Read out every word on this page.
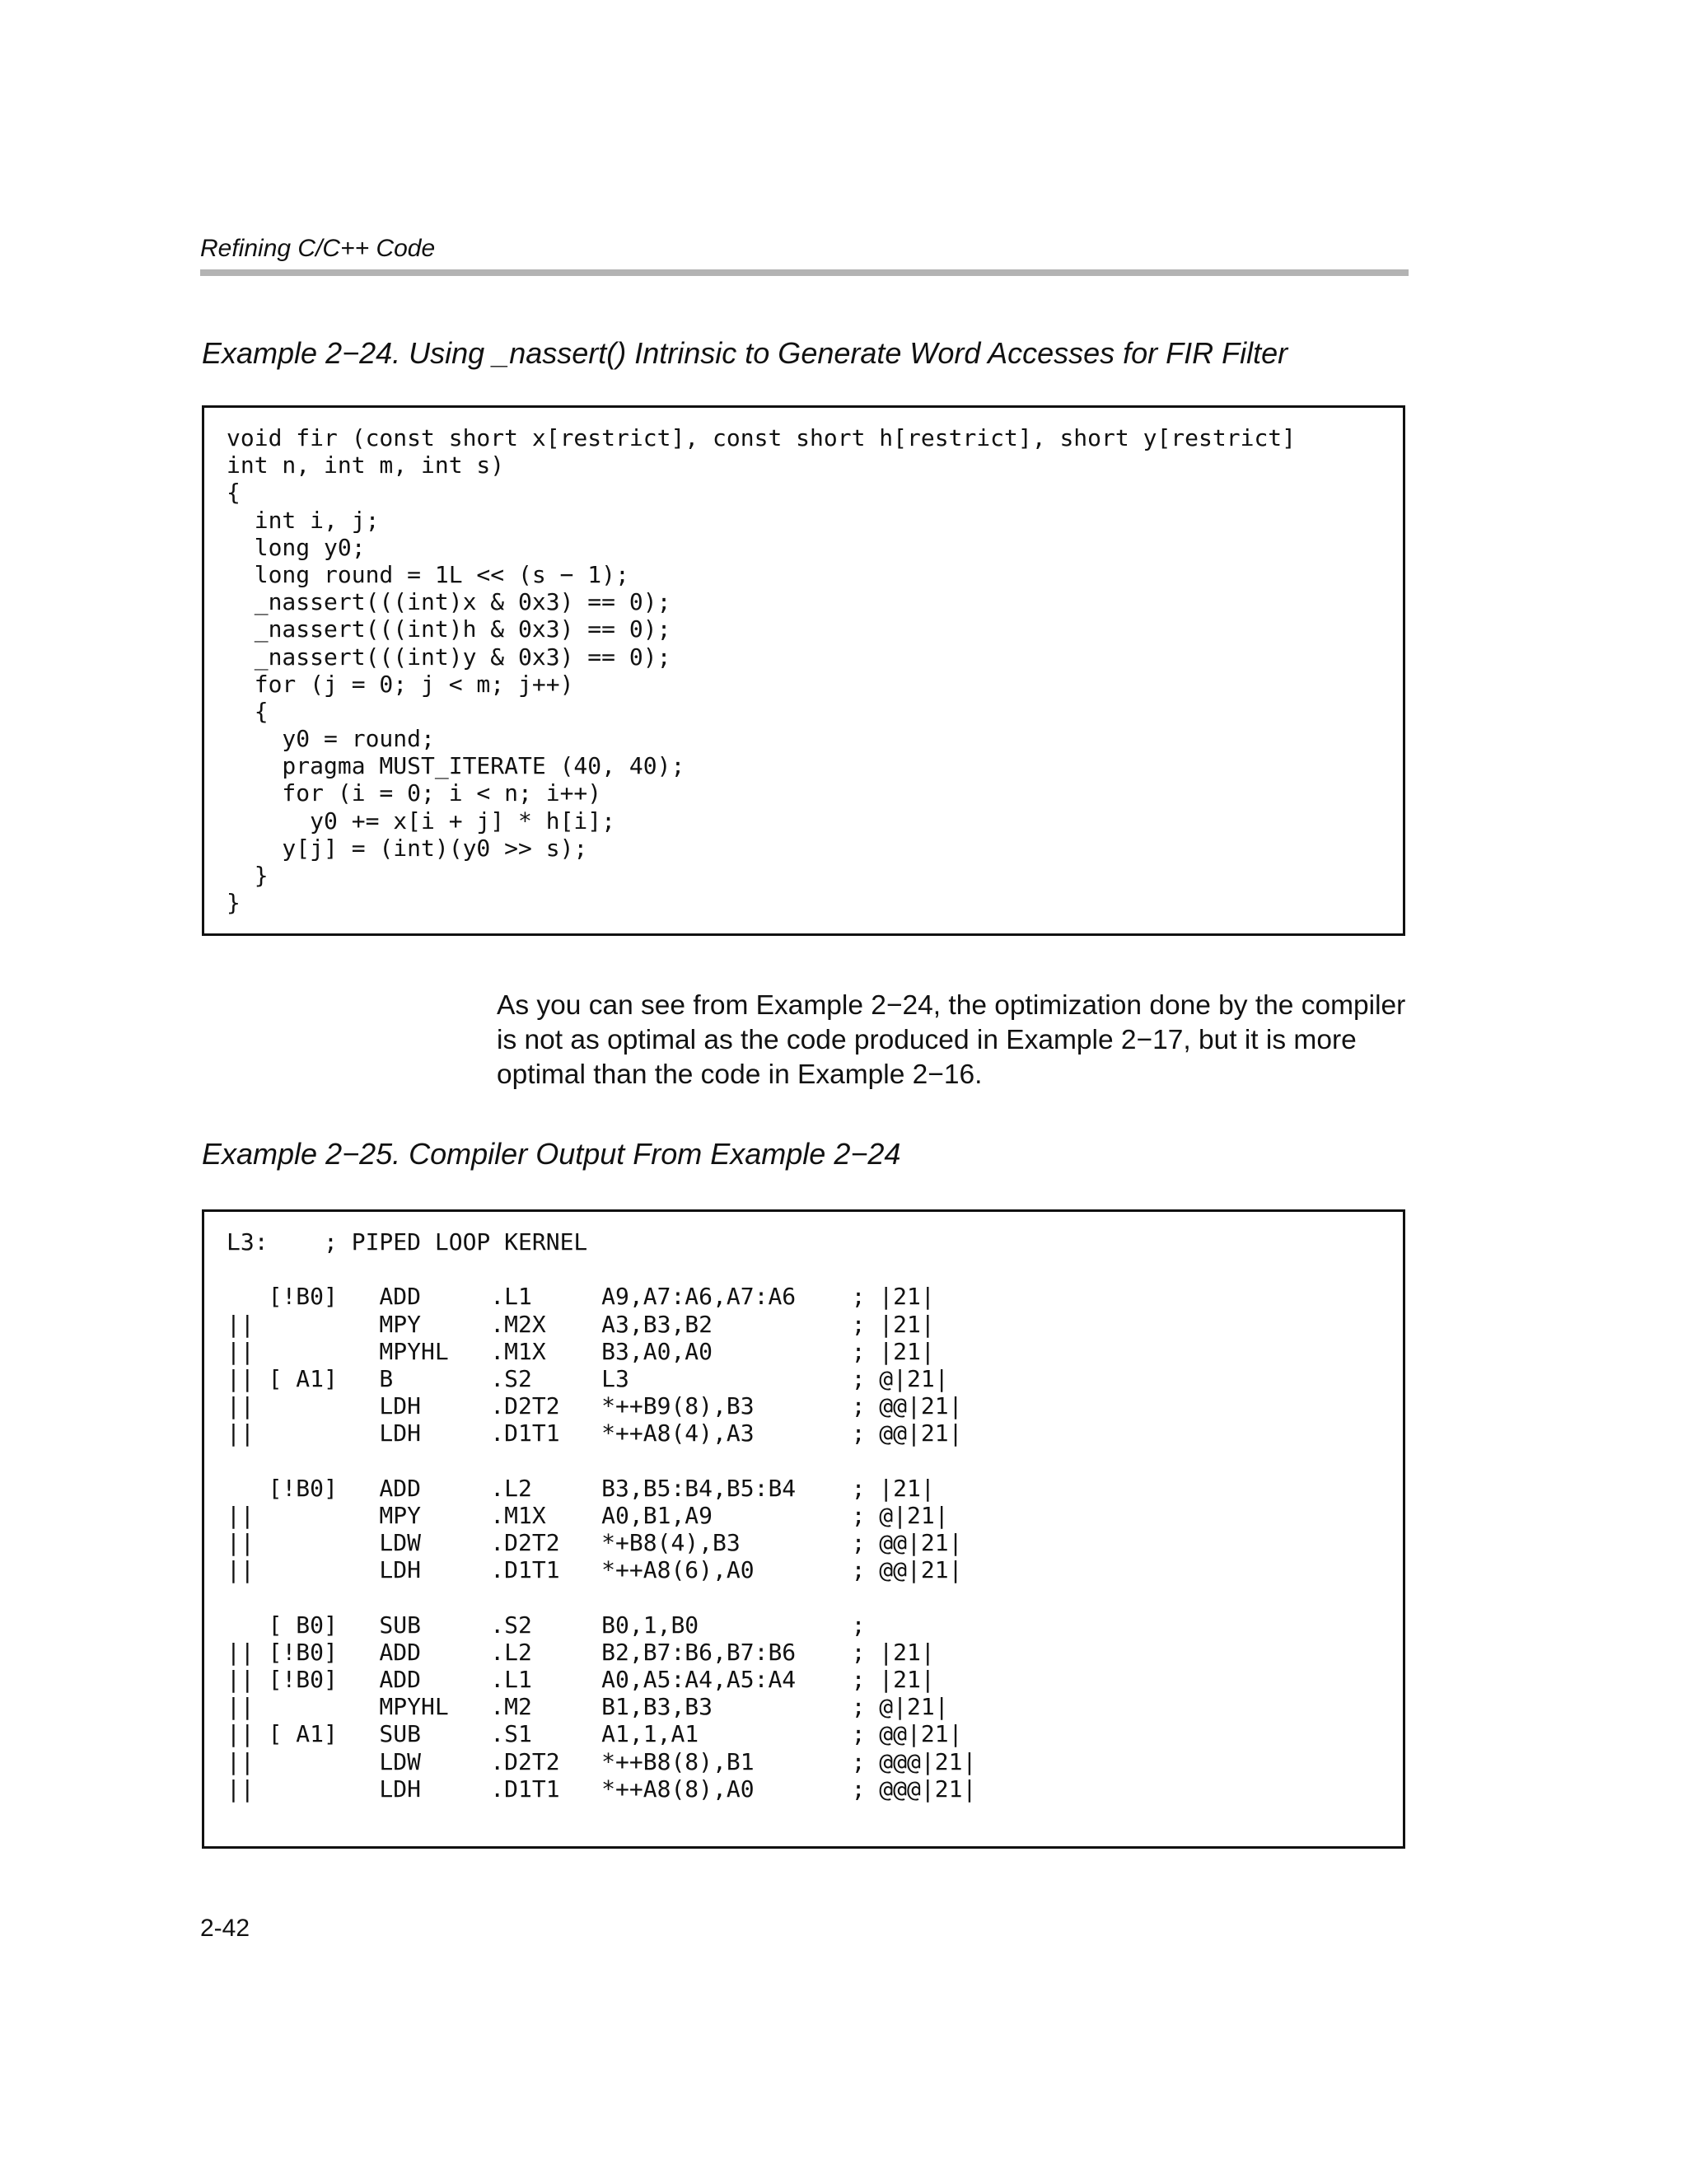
Refining C/C++ Code
Example 2−24. Using _nassert() Intrinsic to Generate Word Accesses for FIR Filter
void fir (const short x[restrict], const short h[restrict], short y[restrict]
int n, int m, int s)
{
int i, j;
long y0;
long round = 1L << (s − 1);
_nassert(((int)x & 0x3) == 0);
_nassert(((int)h & 0x3) == 0);
_nassert(((int)y & 0x3) == 0);
for (j = 0; j < m; j++)
{
y0 = round;
pragma MUST_ITERATE (40, 40);
for (i = 0; i < n; i++)
y0 += x[i + j] * h[i];
y[j] = (int)(y0 >> s);
}
}

As you can see from Example 2−24, the optimization done by the compiler is not as optimal as the code produced in Example 2−17, but it is more optimal than the code in Example 2−16.

Example 2−25. Compiler Output From Example 2−24
L3:    ; PIPED LOOP KERNEL
[!B0]   ADD     .L1     A9,A7:A6,A7:A6    ; |21|
||         MPY     .M2X    A3,B3,B2          ; |21|
||         MPYHL   .M1X    B3,A0,A0          ; |21|
|| [ A1]   B       .S2     L3                ; @|21|
||         LDH     .D2T2   *++B9(8),B3       ; @@|21|
||         LDH     .D1T1   *++A8(4),A3       ; @@|21|
[!B0]   ADD     .L2     B3,B5:B4,B5:B4    ; |21|
||         MPY     .M1X    A0,B1,A9          ; @|21|
||         LDW     .D2T2   *+B8(4),B3        ; @@|21|
||         LDH     .D1T1   *++A8(6),A0       ; @@|21|
[ B0]   SUB     .S2     B0,1,B0           ;
|| [!B0]   ADD     .L2     B2,B7:B6,B7:B6    ; |21|
|| [!B0]   ADD     .L1     A0,A5:A4,A5:A4    ; |21|
||         MPYHL   .M2     B1,B3,B3          ; @|21|
|| [ A1]   SUB     .S1     A1,1,A1           ; @@|21|
||         LDW     .D2T2   *++B8(8),B1       ; @@@|21|
||         LDH     .D1T1   *++A8(8),A0       ; @@@|21|
2-42
